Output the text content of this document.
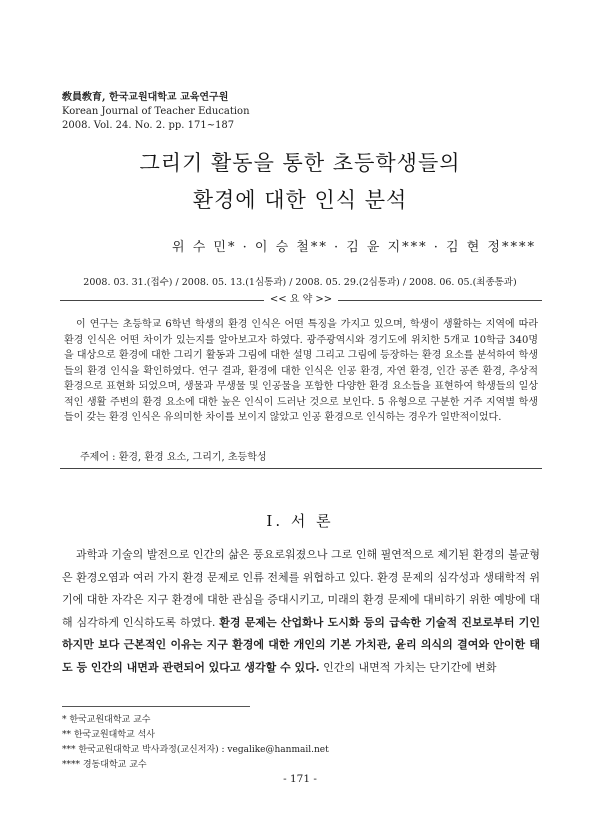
敎員敎育, 한국교원대학교 교육연구원
Korean Journal of Teacher Education
2008. Vol. 24. No. 2. pp. 171~187
그리기 활동을 통한 초등학생들의
환경에 대한 인식 분석
위 수 민* · 이 승 철** · 김 윤 지*** · 김 현 정****
2008. 03. 31.(접수) / 2008. 05. 13.(1심통과) / 2008. 05. 29.(2심통과) / 2008. 06. 05.(최종통과)
<< 요 약 >>

이 연구는 초등학교 6학년 학생의 환경 인식은 어떤 특징을 가지고 있으며, 학생이 생활하는 지역에 따라 환경 인식은 어떤 차이가 있는지를 알아보고자 하였다. 광주광역시와 경기도에 위치한 5개교 10학급 340명을 대상으로 환경에 대한 그리기 활동과 그림에 대한 설명 그리고 그림에 등장하는 환경 요소를 분석하여 학생들의 환경 인식을 확인하였다. 연구 결과, 환경에 대한 인식은 인공 환경, 자연 환경, 인간 공존 환경, 추상적 환경으로 표현화 되었으며, 생물과 무생물 및 인공물을 포함한 다양한 환경 요소들을 표현하여 학생들의 일상적인 생활 주변의 환경 요소에 대한 높은 인식이 드러난 것으로 보인다. 5 유형으로 구분한 거주 지역별 학생들이 갖는 환경 인식은 유의미한 차이를 보이지 않았고 인공 환경으로 인식하는 경우가 일반적이었다.

주제어 : 환경, 환경 요소, 그리기, 초등학성
Ⅰ. 서 론

과학과 기술의 발전으로 인간의 삶은 풍요로워졌으나 그로 인해 필연적으로 제기된 환경의 불균형은 환경오염과 여러 가지 환경 문제로 인류 전체를 위협하고 있다. 환경 문제의 심각성과 생태학적 위기에 대한 자각은 지구 환경에 대한 관심을 증대시키고, 미래의 환경 문제에 대비하기 위한 예방에 대해 심각하게 인식하도록 하였다. 환경 문제는 산업화나 도시화 등의 급속한 기술적 진보로부터 기인하지만 보다 근본적인 이유는 지구 환경에 대한 개인의 기본 가치관, 윤리 의식의 결여와 안이한 태도 등 인간의 내면과 관련되어 있다고 생각할 수 있다. 인간의 내면적 가치는 단기간에 변화

* 한국교원대학교 교수
** 한국교원대학교 석사
*** 한국교원대학교 박사과정(교신저자) : vegalike@hanmail.net
**** 경동대학교 교수
- 171 -
